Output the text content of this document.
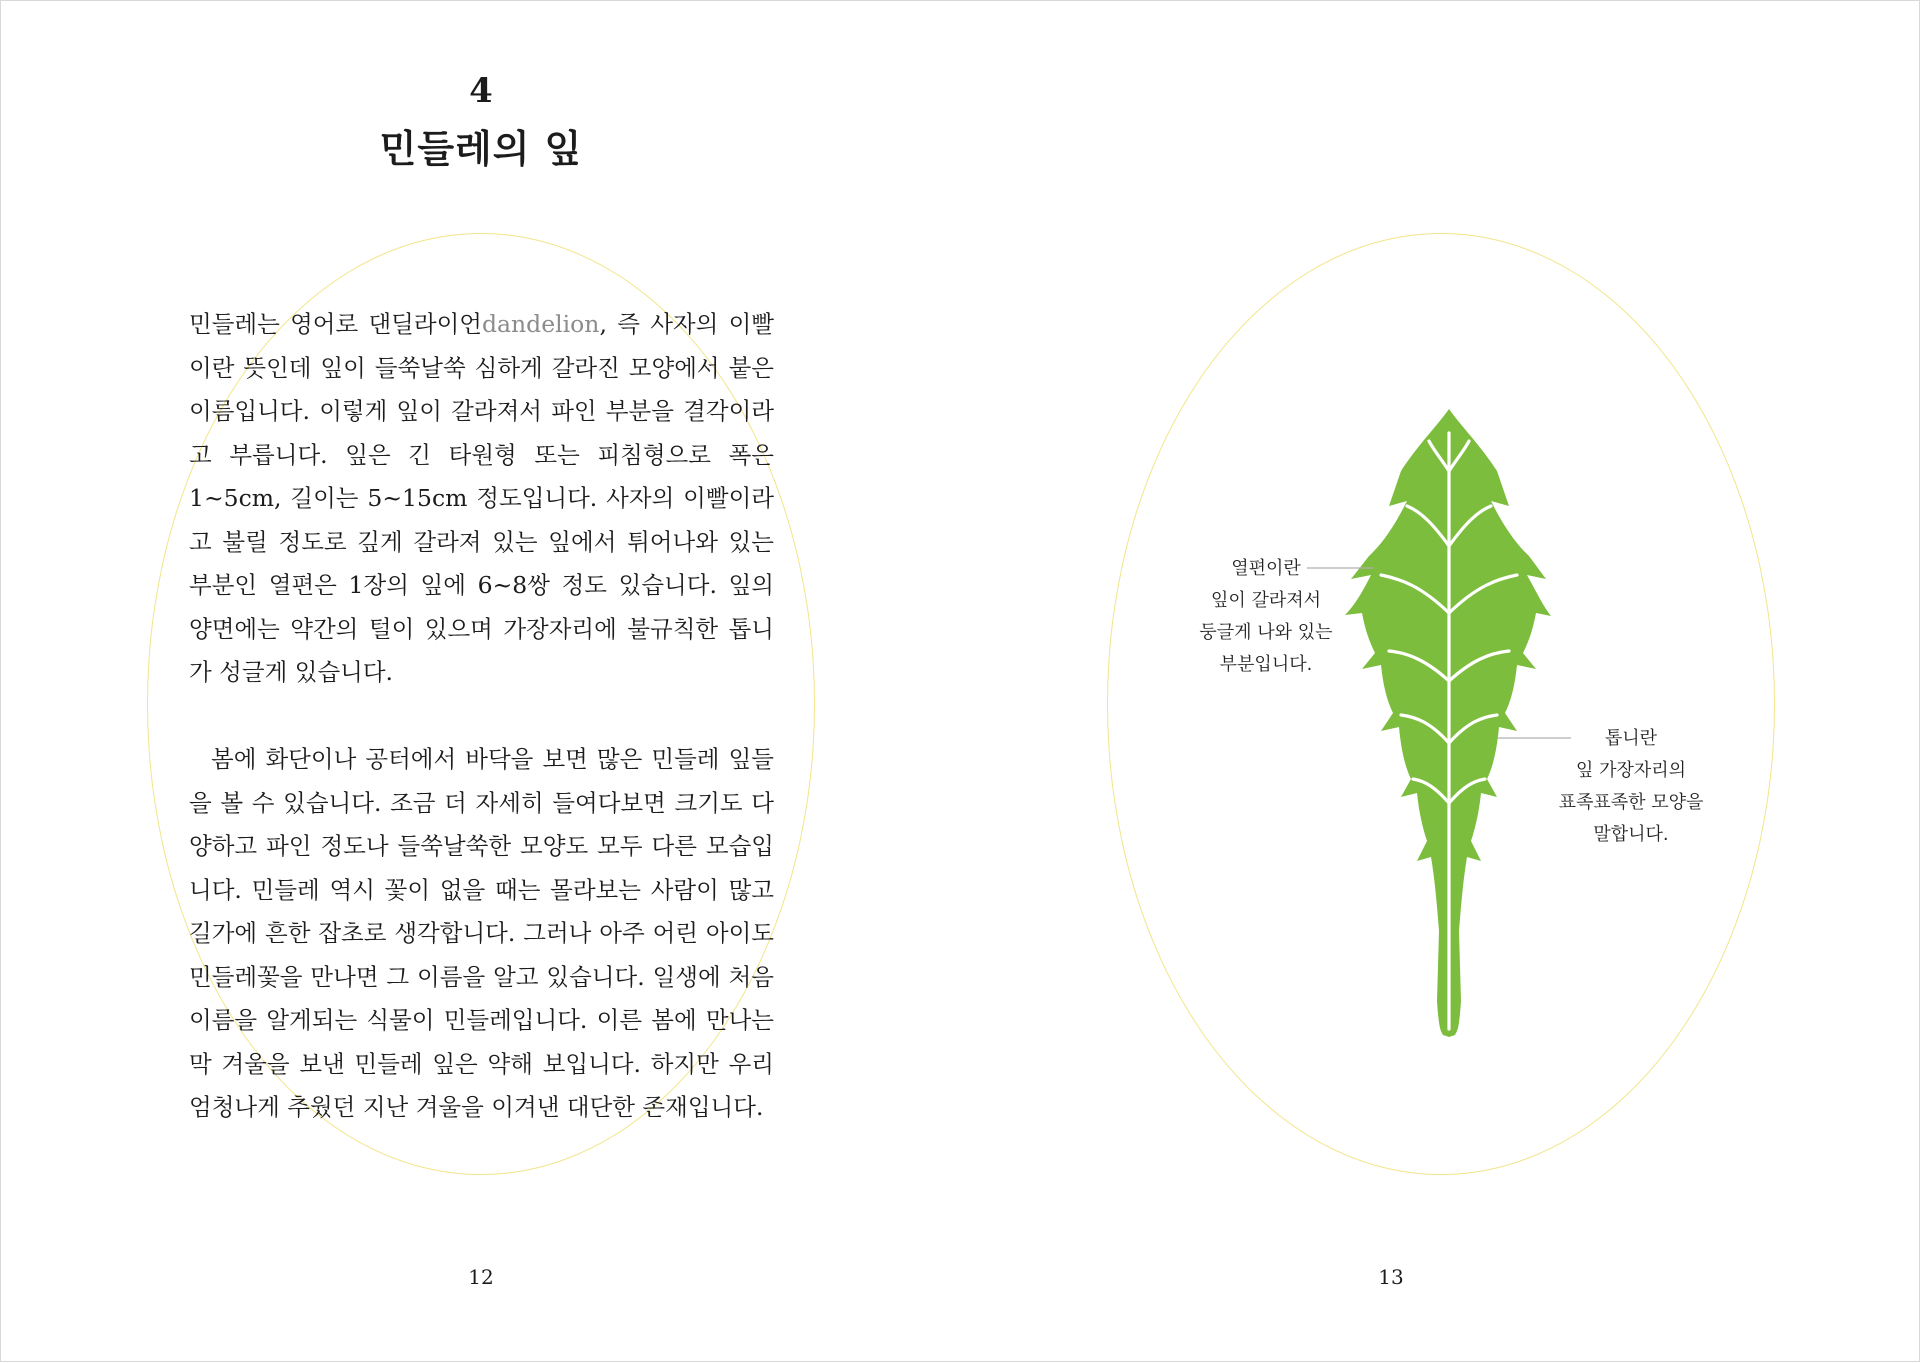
4
민들레의 잎

민들레는 영어로 댄딜라이언dandelion, 즉 사자의 이빨이란 뜻인데 잎이 들쑥날쑥 심하게 갈라진 모양에서 붙은 이름입니다. 이렇게 잎이 갈라져서 파인 부분을 결각이라고 부릅니다. 잎은 긴 타원형 또는 피침형으로 폭은 1~5cm, 길이는 5~15cm 정도입니다. 사자의 이빨이라고 불릴 정도로 깊게 갈라져 있는 잎에서 튀어나와 있는 부분인 열편은 1장의 잎에 6~8쌍 정도 있습니다. 잎의 양면에는 약간의 털이 있으며 가장자리에 불규칙한 톱니가 성글게 있습니다.

봄에 화단이나 공터에서 바닥을 보면 많은 민들레 잎들을 볼 수 있습니다. 조금 더 자세히 들여다보면 크기도 다양하고 파인 정도나 들쑥날쑥한 모양도 모두 다른 모습입니다. 민들레 역시 꽃이 없을 때는 몰라보는 사람이 많고 길가에 흔한 잡초로 생각합니다. 그러나 아주 어린 아이도 민들레꽃을 만나면 그 이름을 알고 있습니다. 일생에 처음 이름을 알게되는 식물이 민들레입니다. 이른 봄에 만나는 막 겨울을 보낸 민들레 잎은 약해 보입니다. 하지만 우리 엄청나게 추웠던 지난 겨울을 이겨낸 대단한 존재입니다.

12
열편이란
잎이 갈라져서
둥글게 나와 있는
부분입니다.
톱니란
잎 가장자리의
표족표족한 모양을
말합니다.
13
